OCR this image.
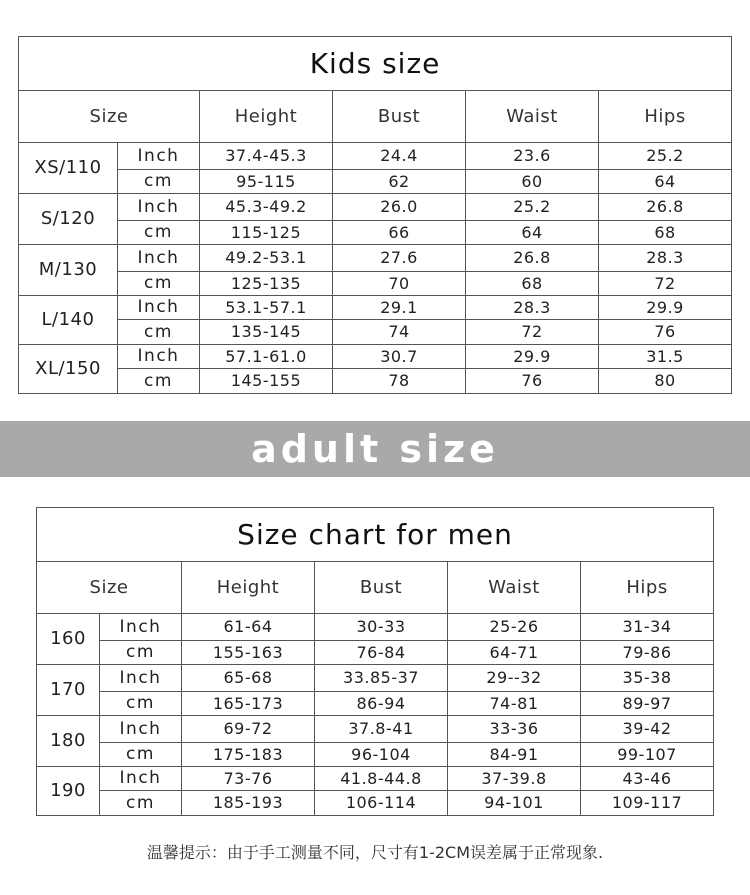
Kids size					
Size		Height	Bust	Waist	Hips
XS/110	Inch	37.4-45.3	24.4	23.6	25.2
	cm	95-115	62	60	64
S/120	Inch	45.3-49.2	26.0	25.2	26.8
	cm	115-125	66	64	68
M/130	Inch	49.2-53.1	27.6	26.8	28.3
	cm	125-135	70	68	72
L/140	Inch	53.1-57.1	29.1	28.3	29.9
	cm	135-145	74	72	76
XL/150	Inch	57.1-61.0	30.7	29.9	31.5
	cm	145-155	78	76	80
adult size
Size chart for men					
Size		Height	Bust	Waist	Hips
160	Inch	61-64	30-33	25-26	31-34
	cm	155-163	76-84	64-71	79-86
170	Inch	65-68	33.85-37	29--32	35-38
	cm	165-173	86-94	74-81	89-97
180	Inch	69-72	37.8-41	33-36	39-42
	cm	175-183	96-104	84-91	99-107
190	Inch	73-76	41.8-44.8	37-39.8	43-46
	cm	185-193	106-114	94-101	109-117
温馨提示：由于手工测量不同，尺寸有1-2CM误差属于正常现象.
